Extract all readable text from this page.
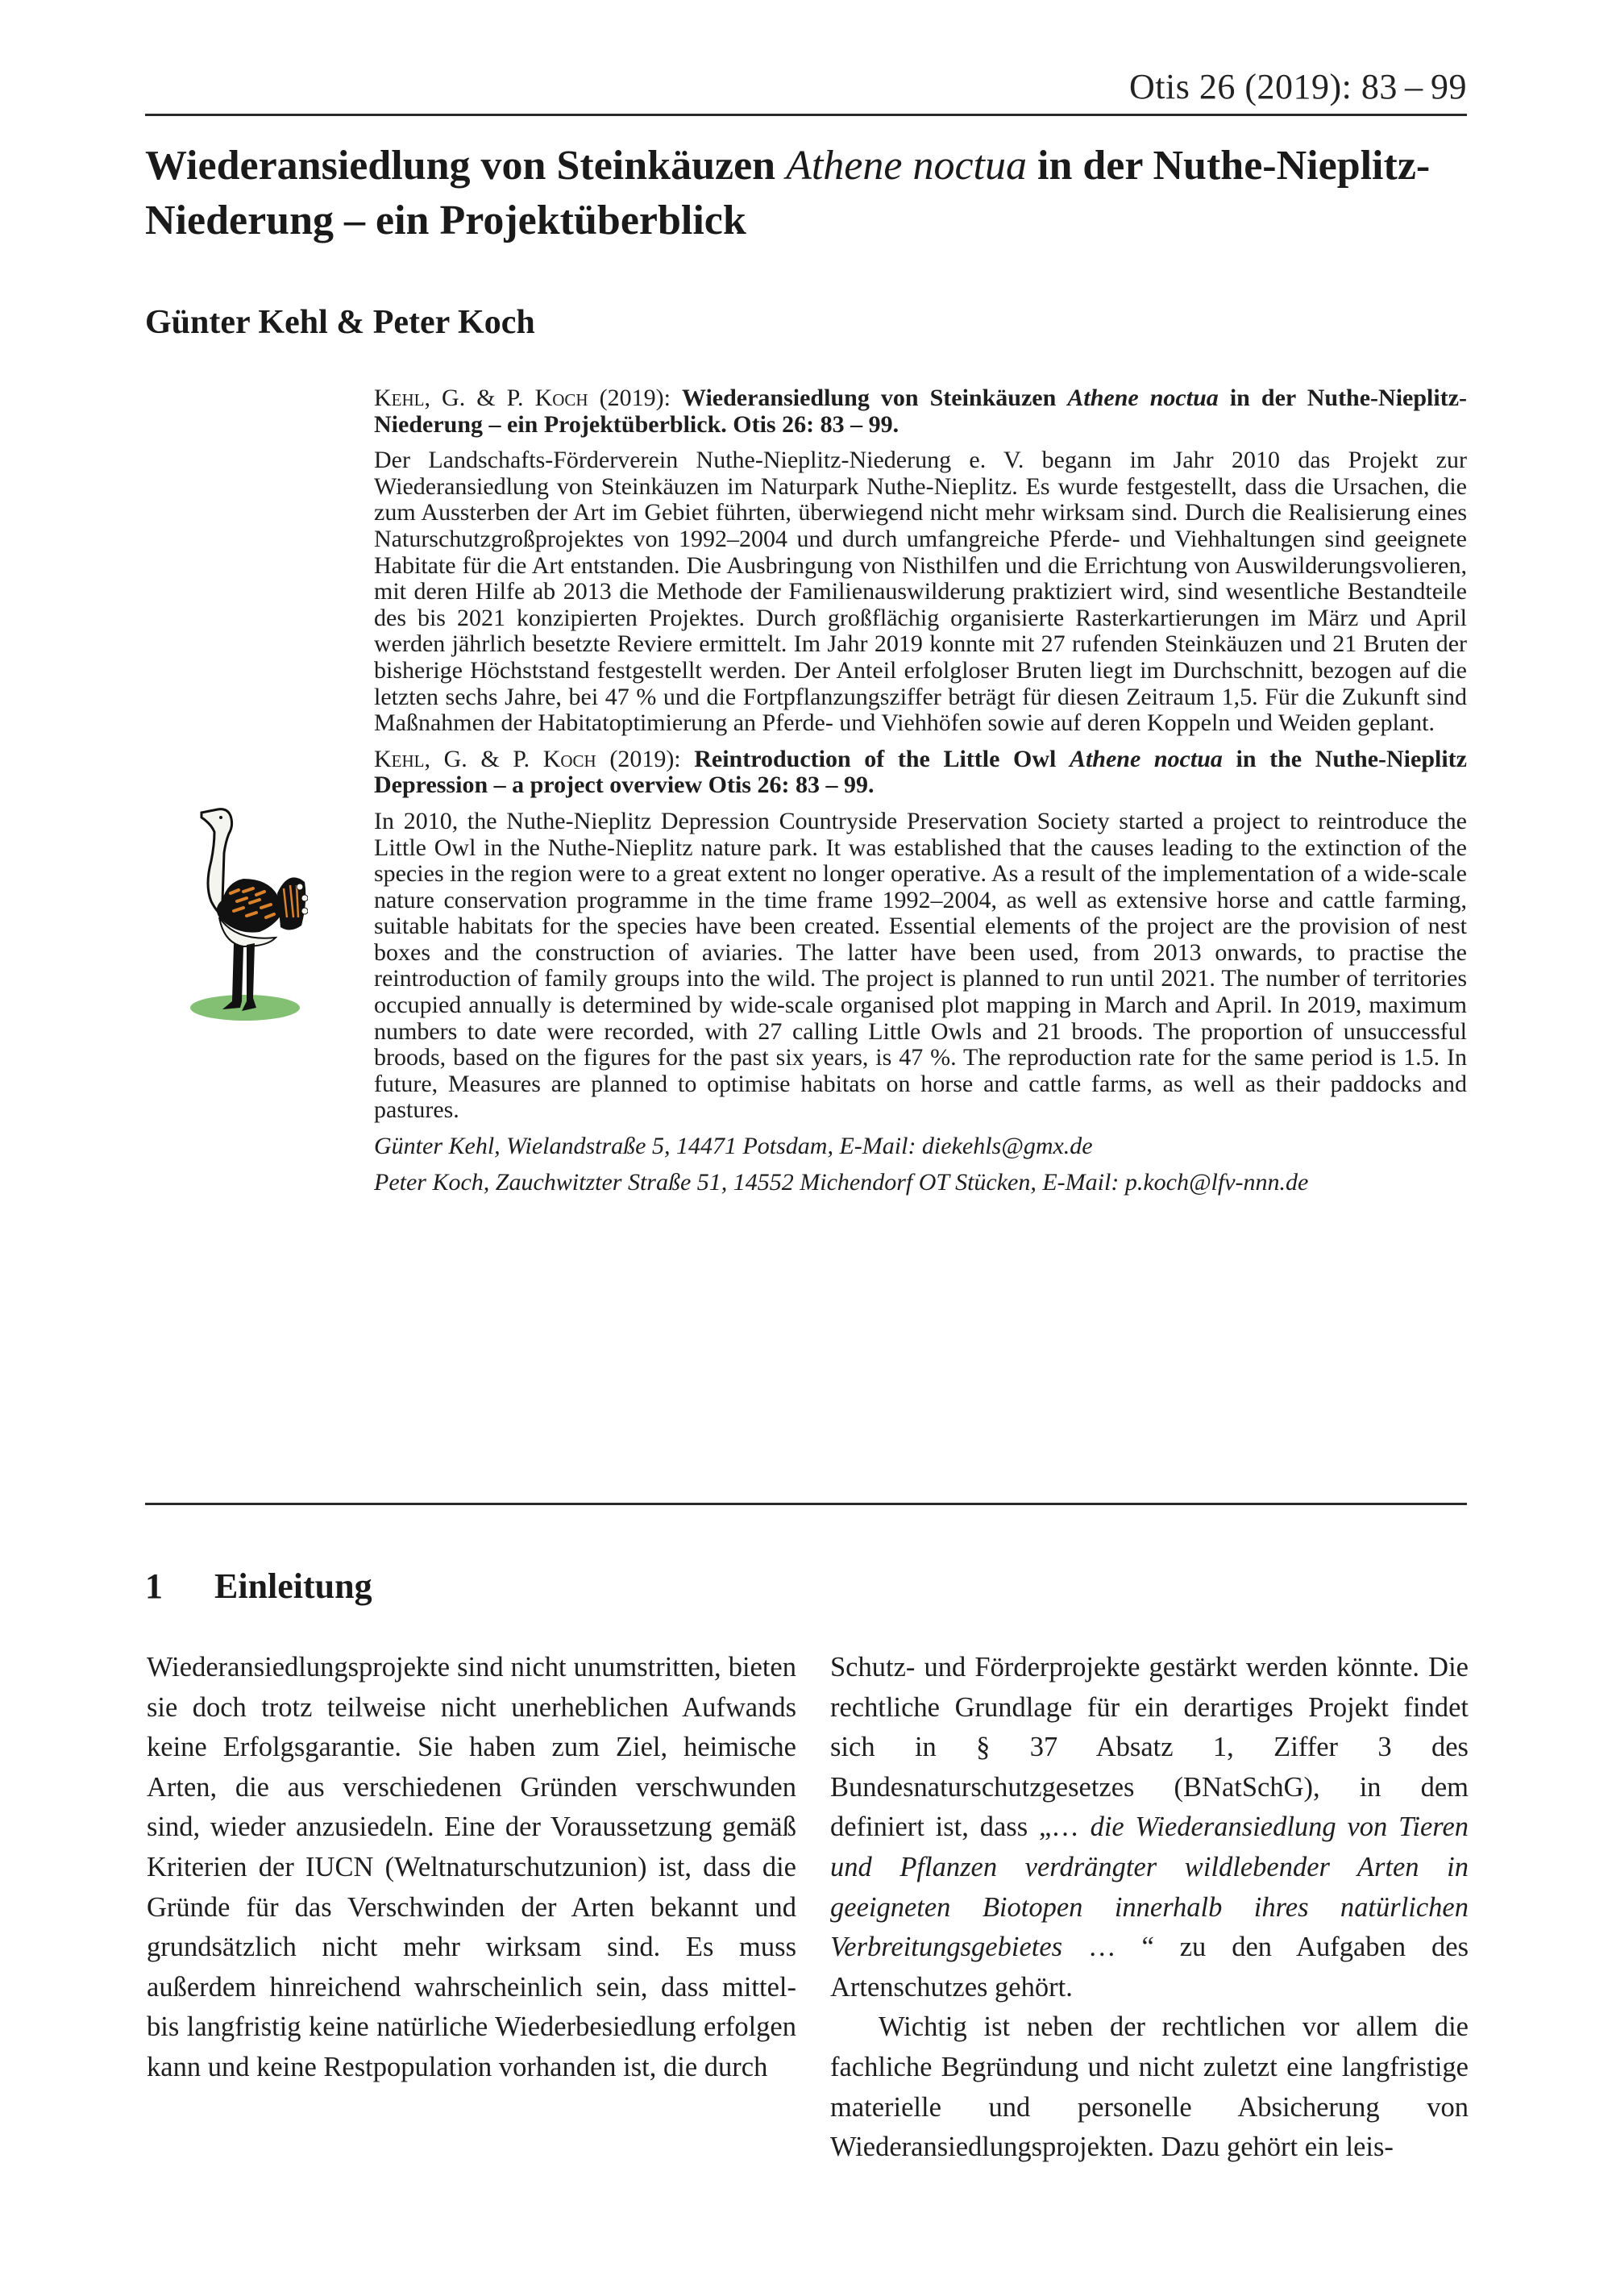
Otis 26 (2019): 83 – 99
Wiederansiedlung von Steinkäuzen Athene noctua in der Nuthe-Nieplitz-Niederung – ein Projektüberblick
Günter Kehl & Peter Koch

Kehl, G. & P. Koch (2019): Wiederansiedlung von Steinkäuzen Athene noctua in der Nuthe-Nieplitz-Niederung – ein Projektüberblick. Otis 26: 83 – 99.

Der Landschafts-Förderverein Nuthe-Nieplitz-Niederung e. V. begann im Jahr 2010 das Projekt zur Wiederansiedlung von Steinkäuzen im Naturpark Nuthe-Nieplitz. Es wurde festgestellt, dass die Ursachen, die zum Aussterben der Art im Gebiet führten, überwiegend nicht mehr wirksam sind. Durch die Realisierung eines Naturschutzgroßprojektes von 1992–2004 und durch umfangreiche Pferde- und Viehhaltungen sind geeignete Habitate für die Art entstanden. Die Ausbringung von Nisthilfen und die Errichtung von Auswilderungsvolieren, mit deren Hilfe ab 2013 die Methode der Familienauswilderung praktiziert wird, sind wesentliche Bestandteile des bis 2021 konzipierten Projektes. Durch großflächig organisierte Rasterkartierungen im März und April werden jährlich besetzte Reviere ermittelt. Im Jahr 2019 konnte mit 27 rufenden Steinkäuzen und 21 Bruten der bisherige Höchststand festgestellt werden. Der Anteil erfolgloser Bruten liegt im Durchschnitt, bezogen auf die letzten sechs Jahre, bei 47 % und die Fortpflanzungsziffer beträgt für diesen Zeitraum 1,5. Für die Zukunft sind Maßnahmen der Habitatoptimierung an Pferde- und Viehhöfen sowie auf deren Koppeln und Weiden geplant.

Kehl, G. & P. Koch (2019): Reintroduction of the Little Owl Athene noctua in the Nuthe-Nieplitz Depression – a project overview Otis 26: 83 – 99.

In 2010, the Nuthe-Nieplitz Depression Countryside Preservation Society started a project to reintroduce the Little Owl in the Nuthe-Nieplitz nature park. It was established that the causes leading to the extinction of the species in the region were to a great extent no longer operative. As a result of the implementation of a wide-scale nature conservation programme in the time frame 1992–2004, as well as extensive horse and cattle farming, suitable habitats for the species have been created. Essential elements of the project are the provision of nest boxes and the construction of aviaries. The latter have been used, from 2013 onwards, to practise the reintroduction of family groups into the wild. The project is planned to run until 2021. The number of territories occupied annually is determined by wide-scale organised plot mapping in March and April. In 2019, maximum numbers to date were recorded, with 27 calling Little Owls and 21 broods. The proportion of unsuccessful broods, based on the figures for the past six years, is 47 %. The reproduction rate for the same period is 1.5. In future, Measures are planned to optimise habitats on horse and cattle farms, as well as their paddocks and pastures.

Günter Kehl, Wielandstraße 5, 14471 Potsdam, E-Mail: diekehls@gmx.de

Peter Koch, Zauchwitzter Straße 51, 14552 Michendorf OT Stücken, E-Mail: p.koch@lfv-nnn.de

1 Einleitung

Wiederansiedlungsprojekte sind nicht unumstritten, bieten sie doch trotz teilweise nicht unerheblichen Aufwands keine Erfolgsgarantie. Sie haben zum Ziel, heimische Arten, die aus verschiedenen Gründen verschwunden sind, wieder anzusiedeln. Eine der Voraussetzung gemäß Kriterien der IUCN (Weltnaturschutzunion) ist, dass die Gründe für das Verschwinden der Arten bekannt und grundsätzlich nicht mehr wirksam sind. Es muss außerdem hinreichend wahrscheinlich sein, dass mittel- bis langfristig keine natürliche Wiederbesiedlung erfolgen kann und keine Restpopulation vorhanden ist, die durch

Schutz- und Förderprojekte gestärkt werden könnte. Die rechtliche Grundlage für ein derartiges Projekt findet sich in § 37 Absatz 1, Ziffer 3 des Bundesnaturschutzgesetzes (BNatSchG), in dem definiert ist, dass „… die Wiederansiedlung von Tieren und Pflanzen verdrängter wildlebender Arten in geeigneten Biotopen innerhalb ihres natürlichen Verbreitungsgebietes … “ zu den Aufgaben des Artenschutzes gehört.

Wichtig ist neben der rechtlichen vor allem die fachliche Begründung und nicht zuletzt eine langfristige materielle und personelle Absicherung von Wiederansiedlungsprojekten. Dazu gehört ein leis-
